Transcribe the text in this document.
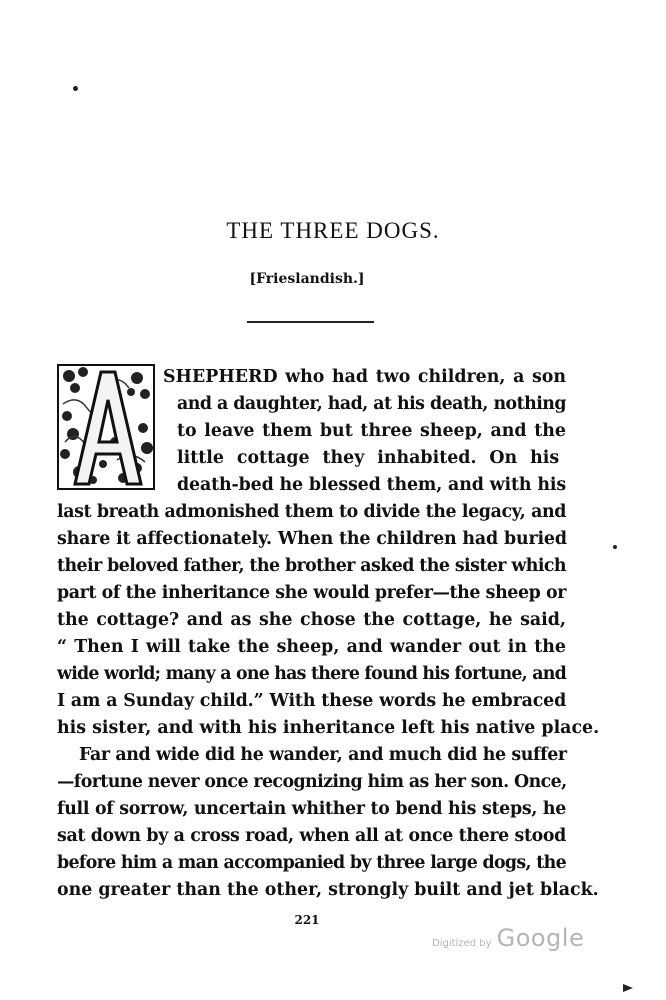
THE THREE DOGS.
[Frieslandish.]
A
SHEPHERD who had two children, a son
and a daughter, had, at his death, nothing
to leave them but three sheep, and the
little cottage they inhabited. On his
death-bed he blessed them, and with his
last breath admonished them to divide the legacy, and
share it affectionately. When the children had buried
their beloved father, the brother asked the sister which
part of the inheritance she would prefer—the sheep or
the cottage? and as she chose the cottage, he said,
“ Then I will take the sheep, and wander out in the
wide world; many a one has there found his fortune, and
I am a Sunday child.” With these words he embraced
his sister, and with his inheritance left his native place.
Far and wide did he wander, and much did he suffer
—fortune never once recognizing him as her son. Once,
full of sorrow, uncertain whither to bend his steps, he
sat down by a cross road, when all at once there stood
before him a man accompanied by three large dogs, the
one greater than the other, strongly built and jet black.
221
Digitized by Google
